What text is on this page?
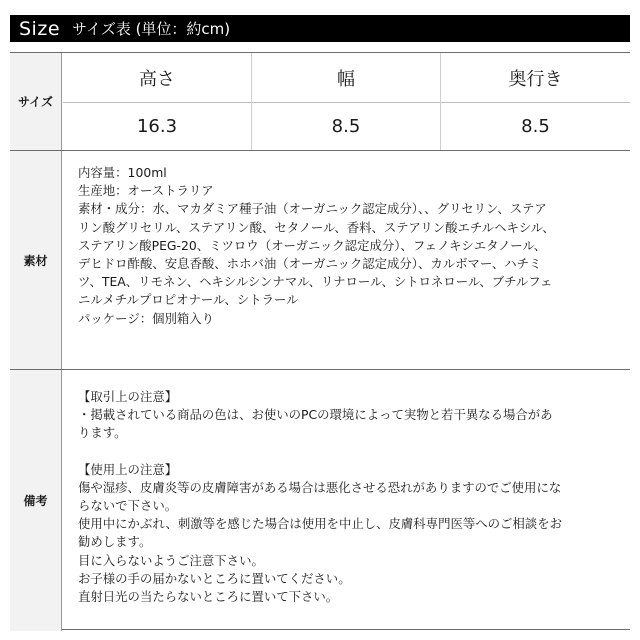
Size サイズ表 (単位：約cm)
サイズ
高さ
16.3
幅
8.5
奥行き
8.5
素材

内容量：100ml

生産地：オーストラリア

素材・成分：水、マカダミア種子油（オーガニック認定成分）、、グリセリン、ステア

リン酸グリセリル、ステアリン酸、セタノール、香料、ステアリン酸エチルヘキシル、

ステアリン酸PEG-20、ミツロウ（オーガニック認定成分）、フェノキシエタノール、

デヒドロ酢酸、安息香酸、ホホバ油（オーガニック認定成分）、カルボマー、ハチミ

ツ、TEA、リモネン、ヘキシルシンナマル、リナロール、シトロネロール、ブチルフェ

ニルメチルプロピオナール、シトラール

パッケージ：個別箱入り

備考

【取引上の注意】

・掲載されている商品の色は、お使いのPCの環境によって実物と若干異なる場合があ

ります。

【使用上の注意】

傷や湿疹、皮膚炎等の皮膚障害がある場合は悪化させる恐れがありますのでご使用にな

らないで下さい。

使用中にかぶれ、刺激等を感じた場合は使用を中止し、皮膚科専門医等へのご相談をお

勧めします。

目に入らないようご注意下さい。

お子様の手の届かないところに置いてください。

直射日光の当たらないところに置いて下さい。
